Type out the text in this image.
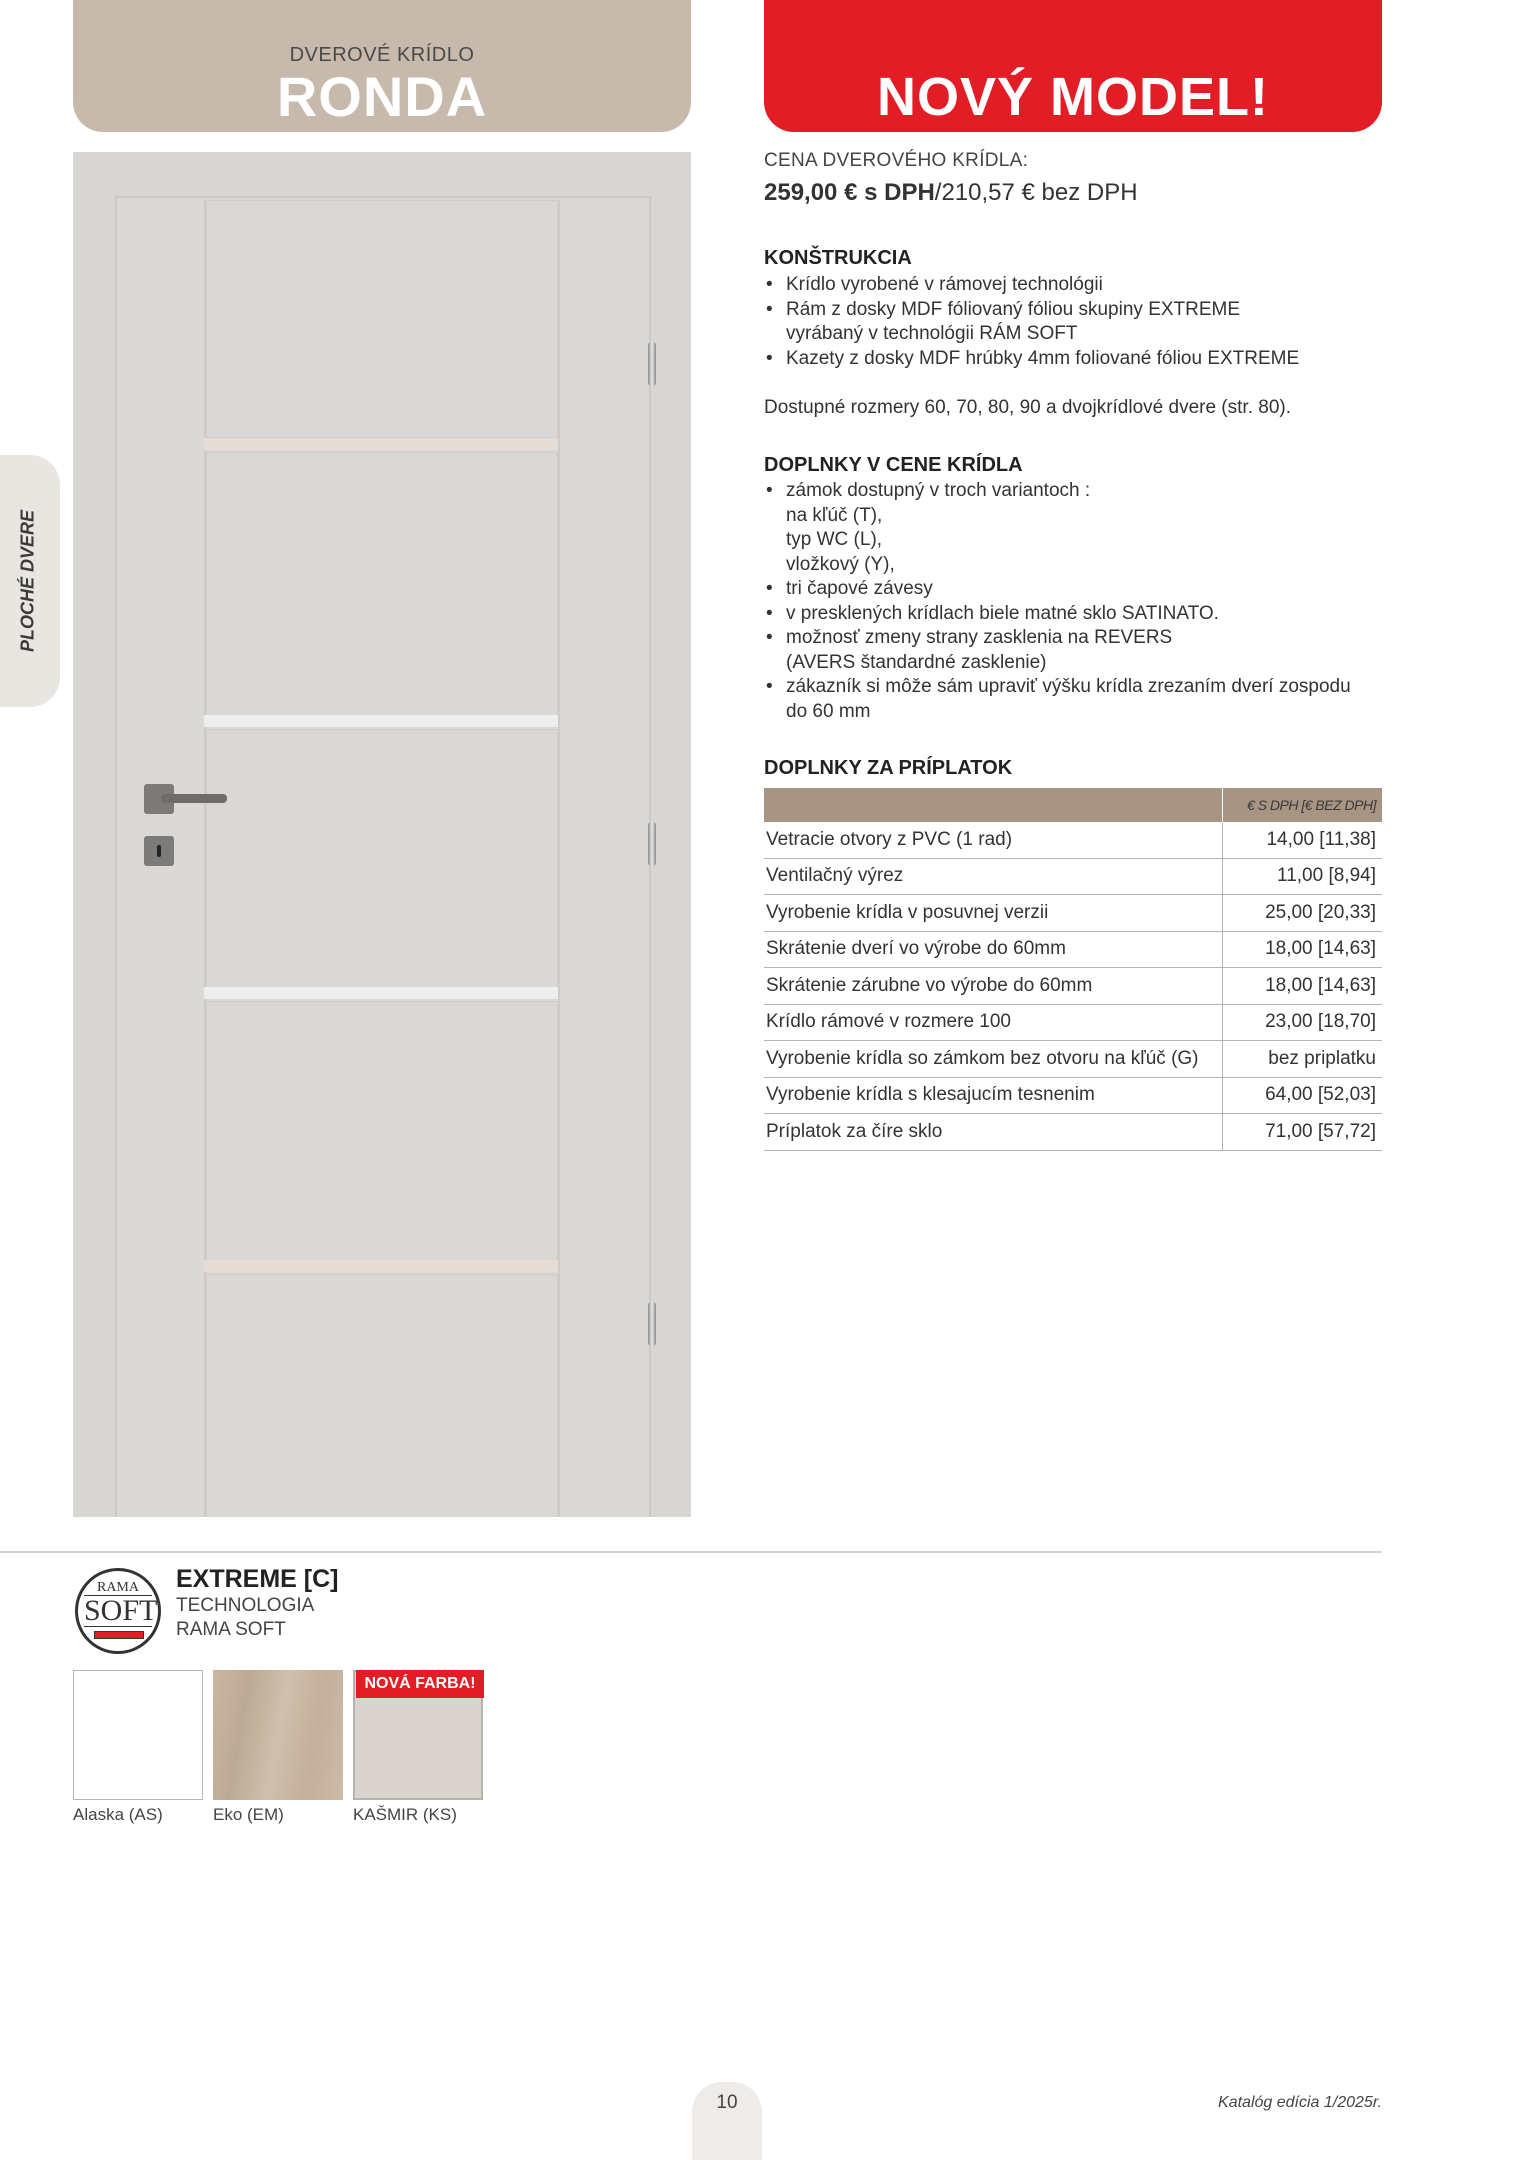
DVEROVÉ KRÍDLO
RONDA	NOVÝ MODEL!
PLOCHÉ DVERE
CENA DVEROVÉHO KRÍDLA:
259,00 € s DPH/210,57 € bez DPH
KONŠTRUKCIA
• Krídlo vyrobené v rámovej technológii
• Rám z dosky MDF fóliovaný fóliou skupiny EXTREME
vyrábaný v technológii RÁM SOFT
• Kazety z dosky MDF hrúbky 4mm foliované fóliou EXTREME
Dostupné rozmery 60, 70, 80, 90 a dvojkrídlové dvere (str. 80).
DOPLNKY V CENE KRÍDLA
• zámok dostupný v troch variantoch :
na kľúč (T),
typ WC (L),
vložkový (Y),
• tri čapové závesy
• v presklených krídlach biele matné sklo SATINATO.
• možnosť zmeny strany zasklenia na REVERS
(AVERS štandardné zasklenie)
• zákazník si môže sám upraviť výšku krídla zrezaním dverí zospodu
do 60 mm
DOPLNKY ZA PRÍPLATOK
	€ S DPH [€ BEZ DPH]
Vetracie otvory z PVC (1 rad)	14,00 [11,38]
Ventilačný výrez	11,00 [8,94]
Vyrobenie krídla v posuvnej verzii	25,00 [20,33]
Skrátenie dverí vo výrobe do 60mm	18,00 [14,63]
Skrátenie zárubne vo výrobe do 60mm	18,00 [14,63]
Krídlo rámové v rozmere 100	23,00 [18,70]
Vyrobenie krídla so zámkom bez otvoru na kľúč (G)	bez priplatku
Vyrobenie krídla s klesajucím tesnenim	64,00 [52,03]
Príplatok za číre sklo	71,00 [57,72]
RAMA
SOFT
EXTREME [C]
TECHNOLOGIA
RAMA SOFT
NOVÁ FARBA!
Alaska (AS)	Eko (EM)	KAŠMIR (KS)
10	Katalóg edícia 1/2025r.
